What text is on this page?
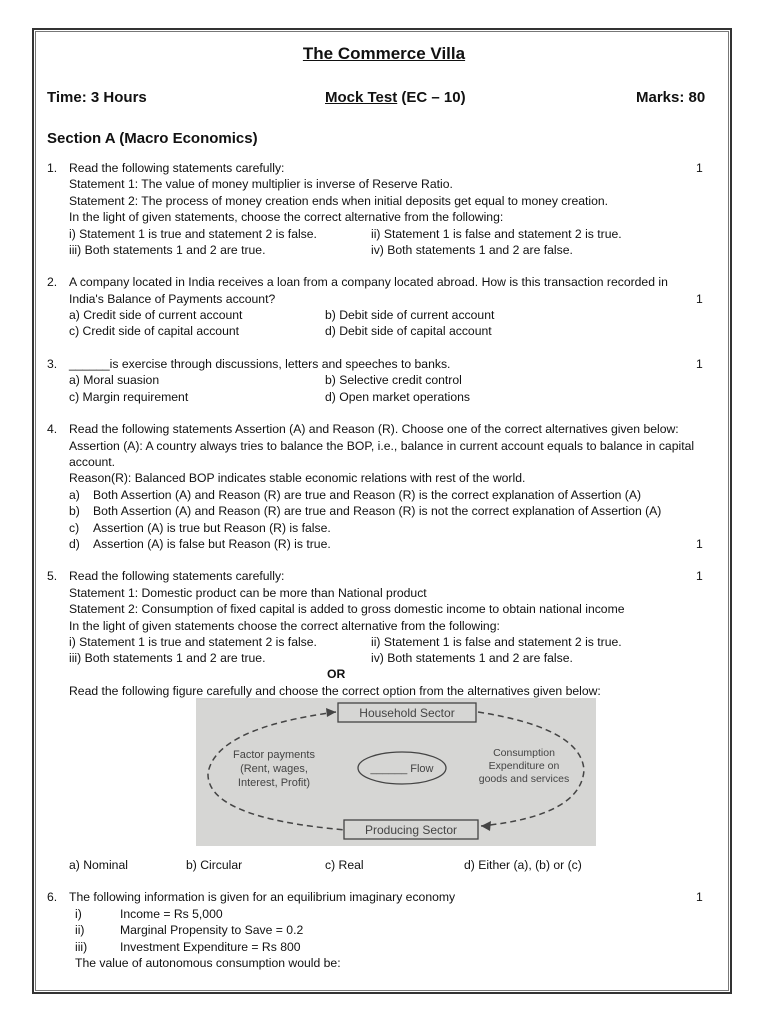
The Commerce Villa
Time: 3 Hours	Mock Test (EC – 10)	Marks: 80
Section A (Macro Economics)
1. Read the following statements carefully:	1
Statement 1: The value of money multiplier is inverse of Reserve Ratio.
Statement 2: The process of money creation ends when initial deposits get equal to money creation.
In the light of given statements, choose the correct alternative from the following:
i) Statement 1 is true and statement 2 is false.	ii) Statement 1 is false and statement 2 is true.
iii) Both statements 1 and 2 are true.	iv) Both statements 1 and 2 are false.
2. A company located in India receives a loan from a company located abroad. How is this transaction recorded in
India's Balance of Payments account?	1
a) Credit side of current account	b) Debit side of current account
c) Credit side of capital account	d) Debit side of capital account
3. ______is exercise through discussions, letters and speeches to banks.	1
a) Moral suasion	b) Selective credit control
c) Margin requirement	d) Open market operations
4. Read the following statements Assertion (A) and Reason (R). Choose one of the correct alternatives given below:
Assertion (A): A country always tries to balance the BOP, i.e., balance in current account equals to balance in capital
account.
Reason(R): Balanced BOP indicates stable economic relations with rest of the world.
a) Both Assertion (A) and Reason (R) are true and Reason (R) is the correct explanation of Assertion (A)
b) Both Assertion (A) and Reason (R) are true and Reason (R) is not the correct explanation of Assertion (A)
c) Assertion (A) is true but Reason (R) is false.
d) Assertion (A) is false but Reason (R) is true.	1
5. Read the following statements carefully:	1
Statement 1: Domestic product can be more than National product
Statement 2: Consumption of fixed capital is added to gross domestic income to obtain national income
In the light of given statements choose the correct alternative from the following:
i) Statement 1 is true and statement 2 is false.	ii) Statement 1 is false and statement 2 is true.
iii) Both statements 1 and 2 are true.	iv) Both statements 1 and 2 are false.
OR
Read the following figure carefully and choose the correct option from the alternatives given below:
Household Sector
Producing Sector
______ Flow
Factor payments
(Rent, wages,
Interest, Profit)
Consumption
Expenditure on
goods and services
a) Nominal	b) Circular	c) Real	d) Either (a), (b) or (c)
6. The following information is given for an equilibrium imaginary economy	1
i)	Income = Rs 5,000
ii)	Marginal Propensity to Save = 0.2
iii)	Investment Expenditure = Rs 800
The value of autonomous consumption would be:
